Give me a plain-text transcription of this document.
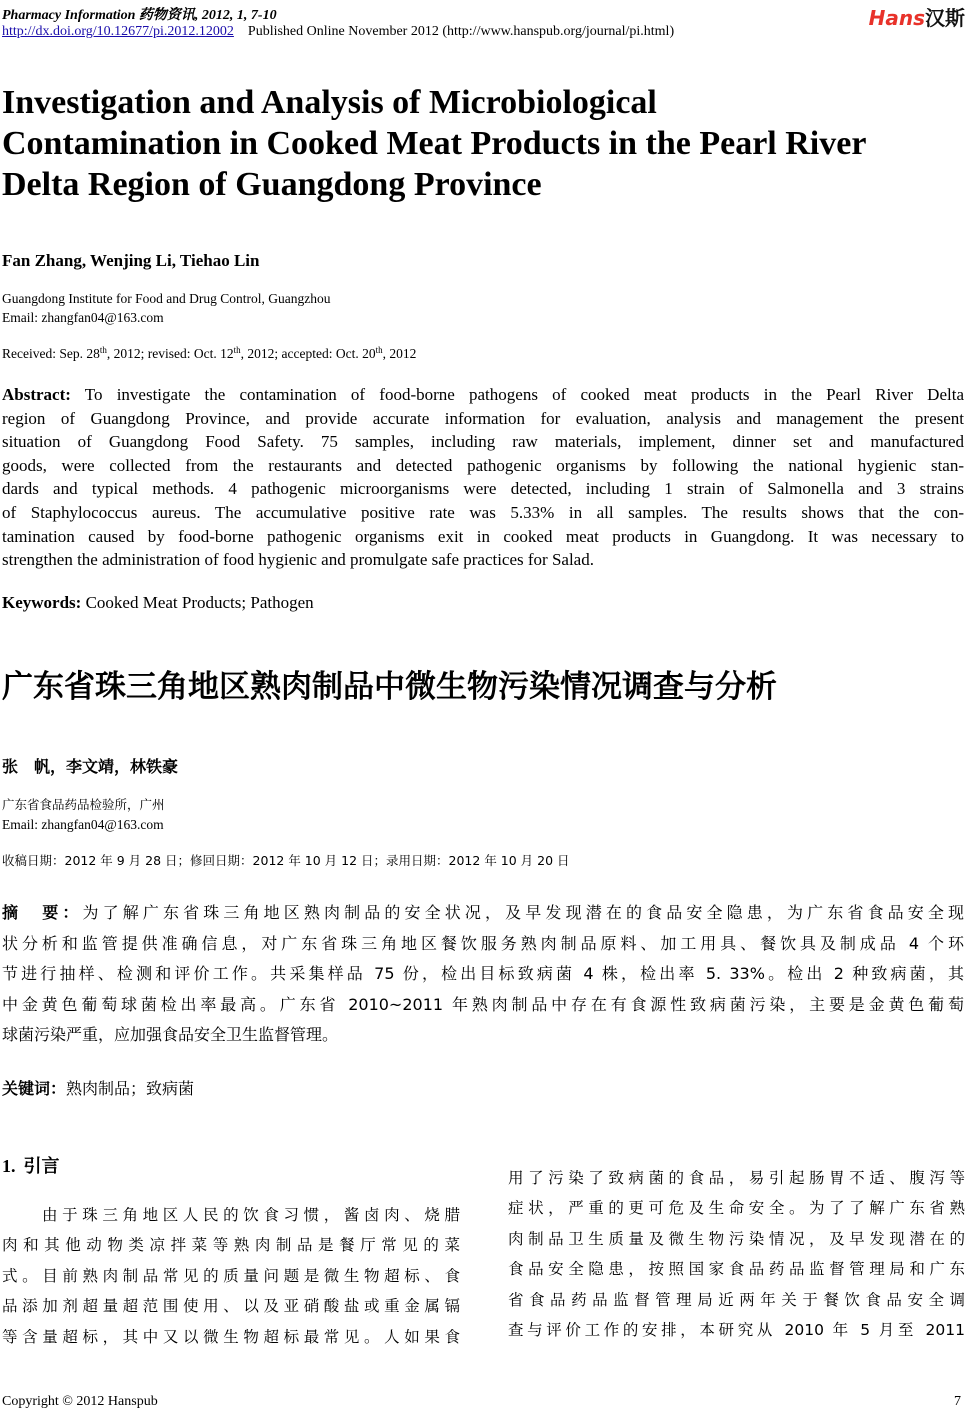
Pharmacy Information 药物资讯, 2012, 1, 7-10
http://dx.doi.org/10.12677/pi.2012.12002 Published Online November 2012 (http://www.hanspub.org/journal/pi.html)
Hans汉斯
Investigation and Analysis of Microbiological
Contamination in Cooked Meat Products in the Pearl River
Delta Region of Guangdong Province
Fan Zhang, Wenjing Li, Tiehao Lin
Guangdong Institute for Food and Drug Control, Guangzhou
Email: zhangfan04@163.com
Received: Sep. 28th, 2012; revised: Oct. 12th, 2012; accepted: Oct. 20th, 2012
Abstract: To investigate the contamination of food-borne pathogens of cooked meat products in the Pearl River Delta
region of Guangdong Province, and provide accurate information for evaluation, analysis and management the present
situation of Guangdong Food Safety. 75 samples, including raw materials, implement, dinner set and manufactured
goods, were collected from the restaurants and detected pathogenic organisms by following the national hygienic stan-
dards and typical methods. 4 pathogenic microorganisms were detected, including 1 strain of Salmonella and 3 strains
of Staphylococcus aureus. The accumulative positive rate was 5.33% in all samples. The results shows that the con-
tamination caused by food-borne pathogenic organisms exit in cooked meat products in Guangdong. It was necessary to
strengthen the administration of food hygienic and promulgate safe practices for Salad.
Keywords: Cooked Meat Products; Pathogen
广东省珠三角地区熟肉制品中微生物污染情况调查与分析
张　帆，李文靖，林铁豪
广东省食品药品检验所，广州
Email: zhangfan04@163.com
收稿日期：2012 年 9 月 28 日；修回日期：2012 年 10 月 12 日；录用日期：2012 年 10 月 20 日
摘　要：为了解广东省珠三角地区熟肉制品的安全状况，及早发现潜在的食品安全隐患，为广东省食品安全现
状分析和监管提供准确信息，对广东省珠三角地区餐饮服务熟肉制品原料、加工用具、餐饮具及制成品 4 个环
节进行抽样、检测和评价工作。共采集样品 75 份，检出目标致病菌 4 株，检出率 5. 33%。检出 2 种致病菌，其
中金黄色葡萄球菌检出率最高。广东省 2010~2011 年熟肉制品中存在有食源性致病菌污染，主要是金黄色葡萄
球菌污染严重，应加强食品安全卫生监督管理。
关键词：熟肉制品；致病菌
1. 引言
由于珠三角地区人民的饮食习惯，酱卤肉、烧腊
肉和其他动物类凉拌菜等熟肉制品是餐厅常见的菜
式。目前熟肉制品常见的质量问题是微生物超标、食
品添加剂超量超范围使用、以及亚硝酸盐或重金属镉
等含量超标，其中又以微生物超标最常见。人如果食
用了污染了致病菌的食品，易引起肠胃不适、腹泻等
症状，严重的更可危及生命安全。为了了解广东省熟
肉制品卫生质量及微生物污染情况，及早发现潜在的
食品安全隐患，按照国家食品药品监督管理局和广东
省食品药品监督管理局近两年关于餐饮食品安全调
查与评价工作的安排，本研究从 2010 年 5 月至 2011
Copyright © 2012 Hanspub	7
